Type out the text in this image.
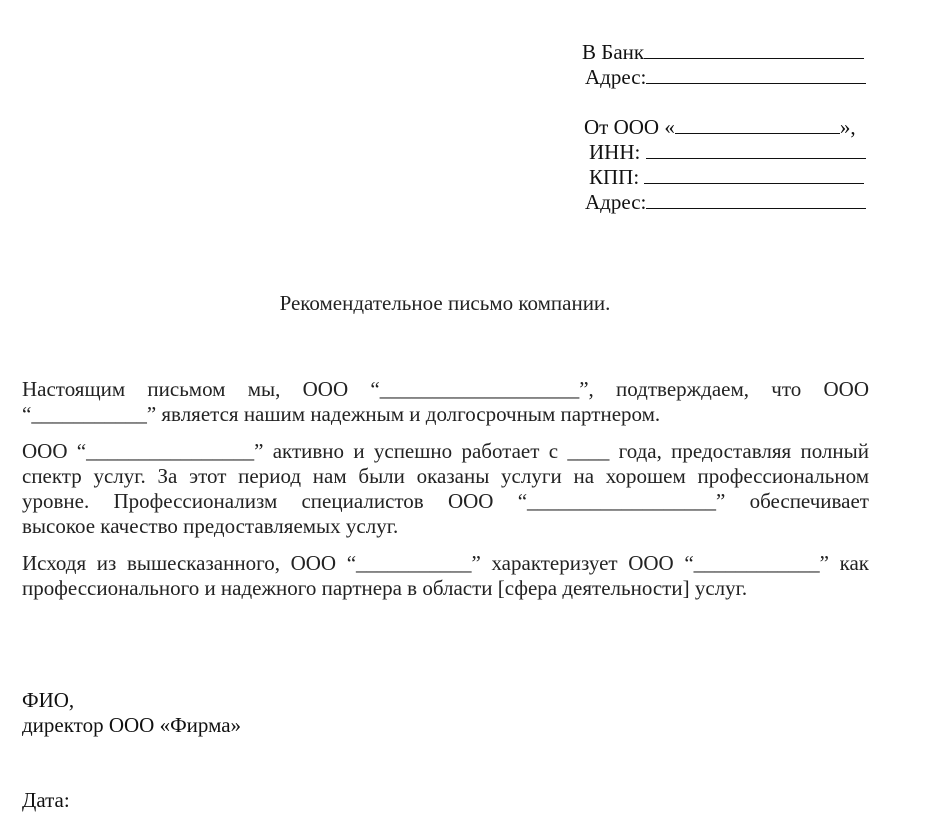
В Банк
Адрес:
От ООО «	»,
ИНН:
КПП:
Адрес:
Рекомендательное письмо компании.
Настоящим письмом мы, ООО “___________________”, подтверждаем, что ООО
“___________” является нашим надежным и долгосрочным партнером.
ООО “________________” активно и успешно работает с ____ года, предоставляя полный
спектр услуг. За этот период нам были оказаны услуги на хорошем профессиональном
уровне. Профессионализм специалистов ООО “__________________” обеспечивает
высокое качество предоставляемых услуг.
Исходя из вышесказанного, ООО “___________” характеризует ООО “____________” как
профессионального и надежного партнера в области [сфера деятельности] услуг.
ФИО,
директор ООО «Фирма»
Дата:
